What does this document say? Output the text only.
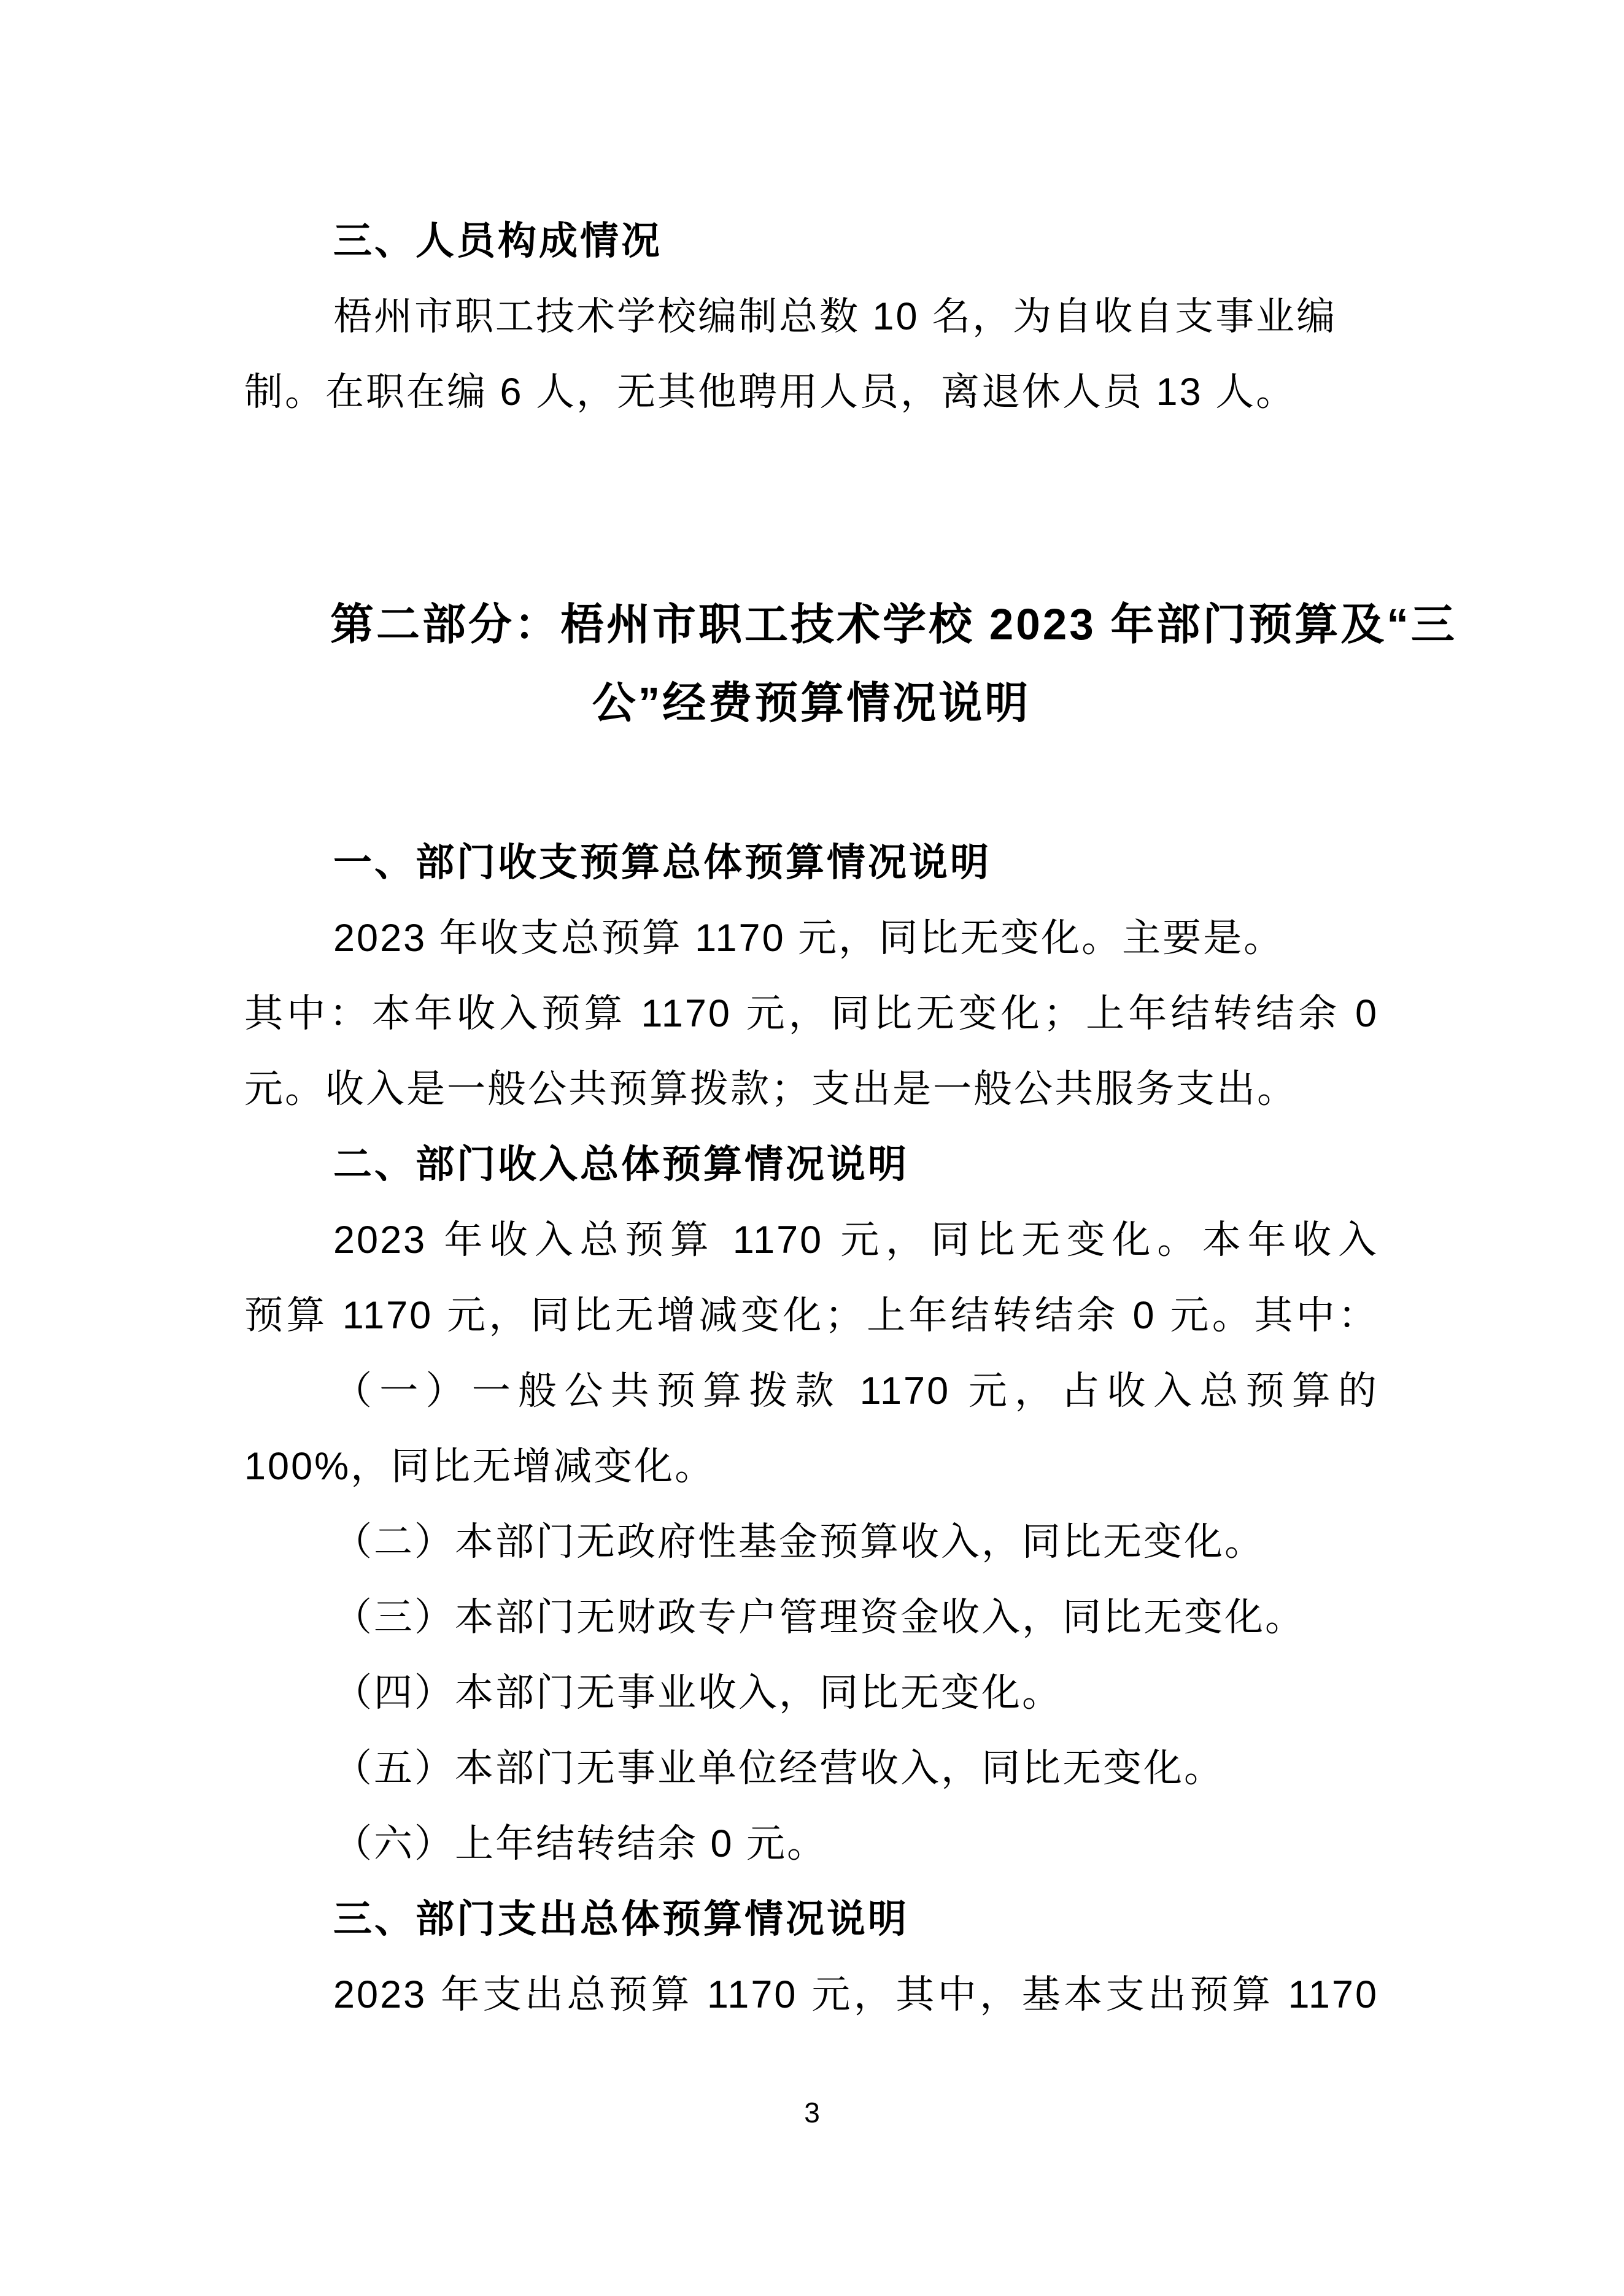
三、人员构成情况
梧州市职工技术学校编制总数 10 名，为自收自支事业编
制。在职在编 6 人，无其他聘用人员，离退休人员 13 人。
第二部分：梧州市职工技术学校 2023 年部门预算及“三
公”经费预算情况说明
一、部门收支预算总体预算情况说明
2023 年收支总预算 1170 元，同比无变化。主要是。
其中：本年收入预算 1170 元，同比无变化；上年结转结余 0
元。收入是一般公共预算拨款；支出是一般公共服务支出。
二、部门收入总体预算情况说明
2023 年收入总预算 1170 元，同比无变化。本年收入
预算 1170 元，同比无增减变化；上年结转结余 0 元。其中：
（一）一般公共预算拨款 1170 元，占收入总预算的
100%，同比无增减变化。
（二）本部门无政府性基金预算收入，同比无变化。
（三）本部门无财政专户管理资金收入，同比无变化。
（四）本部门无事业收入，同比无变化。
（五）本部门无事业单位经营收入，同比无变化。
（六）上年结转结余 0 元。
三、部门支出总体预算情况说明
2023 年支出总预算 1170 元，其中，基本支出预算 1170
3
